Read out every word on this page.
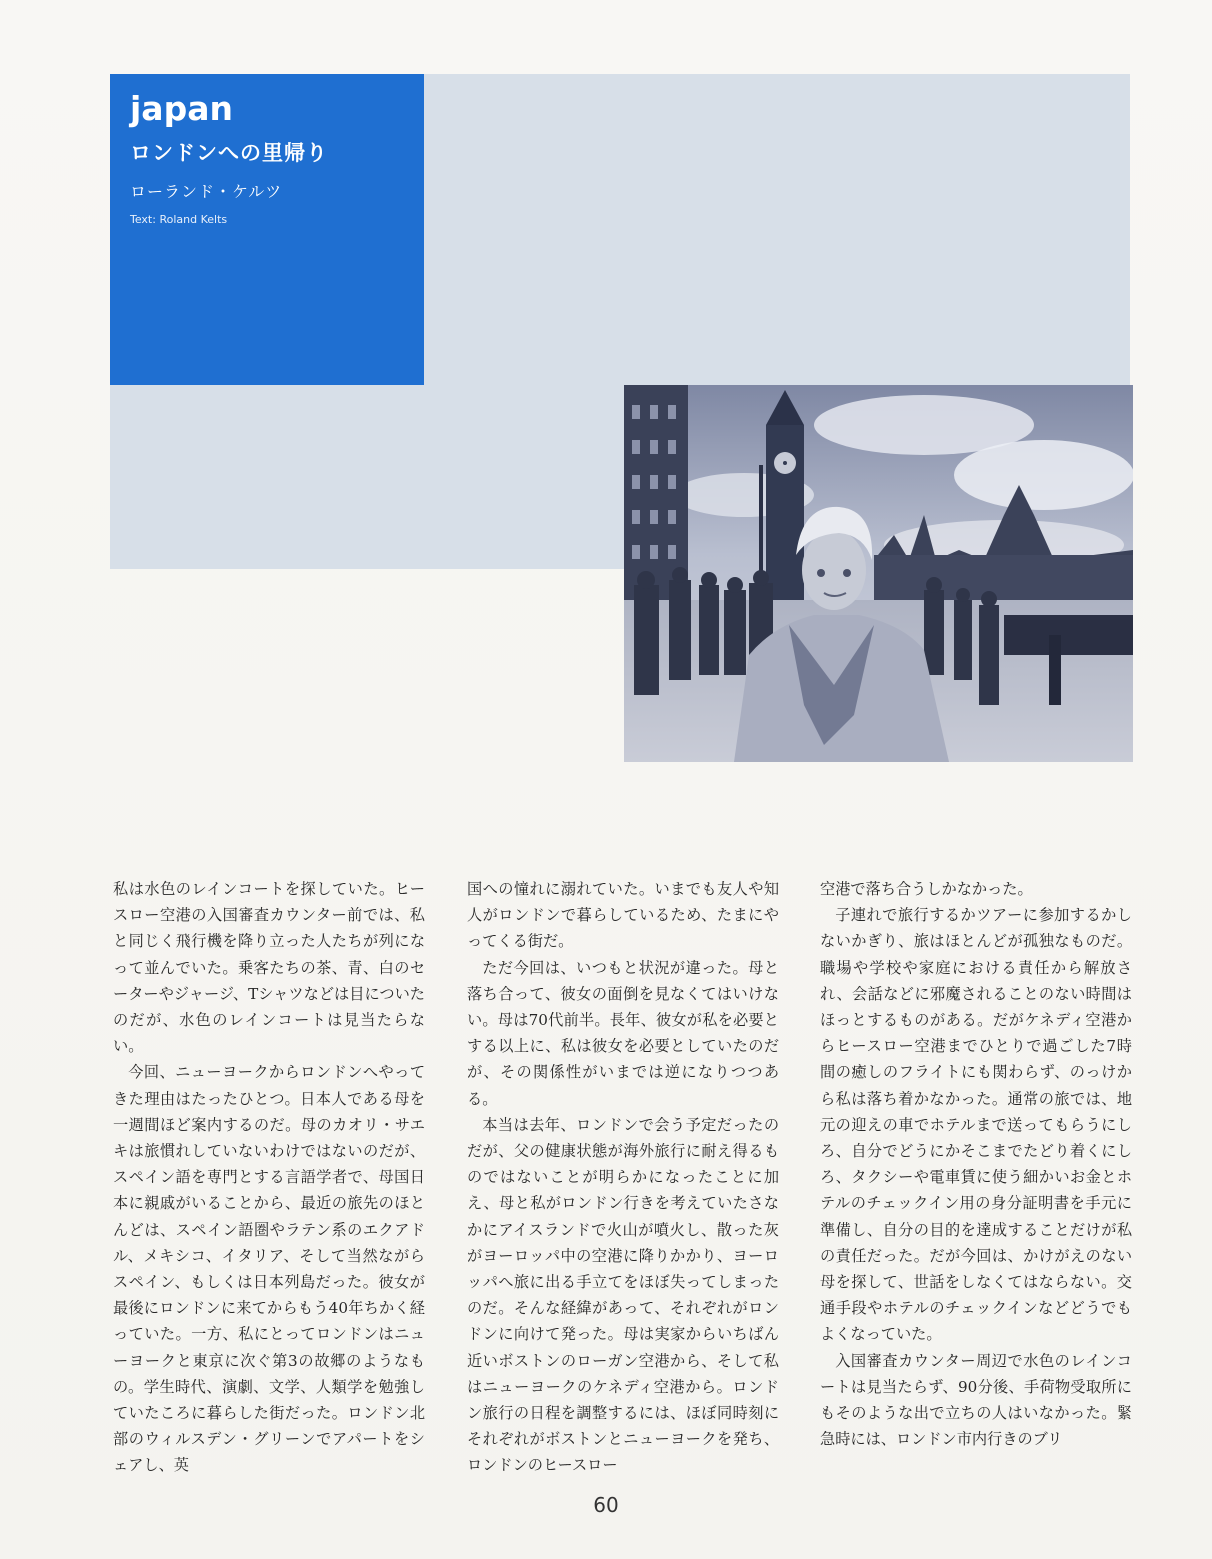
japan
ロンドンへの里帰り
ローランド・ケルツ
Text: Roland Kelts

私は水色のレインコートを探していた。ヒースロー空港の入国審査カウンター前では、私と同じく飛行機を降り立った人たちが列になって並んでいた。乗客たちの茶、青、白のセーターやジャージ、Tシャツなどは目についたのだが、水色のレインコートは見当たらない。

今回、ニューヨークからロンドンへやってきた理由はたったひとつ。日本人である母を一週間ほど案内するのだ。母のカオリ・サエキは旅慣れしていないわけではないのだが、スペイン語を専門とする言語学者で、母国日本に親戚がいることから、最近の旅先のほとんどは、スペイン語圏やラテン系のエクアドル、メキシコ、イタリア、そして当然ながらスペイン、もしくは日本列島だった。彼女が最後にロンドンに来てからもう40年ちかく経っていた。一方、私にとってロンドンはニューヨークと東京に次ぐ第3の故郷のようなもの。学生時代、演劇、文学、人類学を勉強していたころに暮らした街だった。ロンドン北部のウィルスデン・グリーンでアパートをシェアし、英

国への憧れに溺れていた。いまでも友人や知人がロンドンで暮らしているため、たまにやってくる街だ。

ただ今回は、いつもと状況が違った。母と落ち合って、彼女の面倒を見なくてはいけない。母は70代前半。長年、彼女が私を必要とする以上に、私は彼女を必要としていたのだが、その関係性がいまでは逆になりつつある。

本当は去年、ロンドンで会う予定だったのだが、父の健康状態が海外旅行に耐え得るものではないことが明らかになったことに加え、母と私がロンドン行きを考えていたさなかにアイスランドで火山が噴火し、散った灰がヨーロッパ中の空港に降りかかり、ヨーロッパへ旅に出る手立てをほぼ失ってしまったのだ。そんな経緯があって、それぞれがロンドンに向けて発った。母は実家からいちばん近いボストンのローガン空港から、そして私はニューヨークのケネディ空港から。ロンドン旅行の日程を調整するには、ほぼ同時刻にそれぞれがボストンとニューヨークを発ち、ロンドンのヒースロー

空港で落ち合うしかなかった。

子連れで旅行するかツアーに参加するかしないかぎり、旅はほとんどが孤独なものだ。職場や学校や家庭における責任から解放され、会話などに邪魔されることのない時間はほっとするものがある。だがケネディ空港からヒースロー空港までひとりで過ごした7時間の癒しのフライトにも関わらず、のっけから私は落ち着かなかった。通常の旅では、地元の迎えの車でホテルまで送ってもらうにしろ、自分でどうにかそこまでたどり着くにしろ、タクシーや電車賃に使う細かいお金とホテルのチェックイン用の身分証明書を手元に準備し、自分の目的を達成することだけが私の責任だった。だが今回は、かけがえのない母を探して、世話をしなくてはならない。交通手段やホテルのチェックインなどどうでもよくなっていた。

入国審査カウンター周辺で水色のレインコートは見当たらず、90分後、手荷物受取所にもそのような出で立ちの人はいなかった。緊急時には、ロンドン市内行きのブリ

60
